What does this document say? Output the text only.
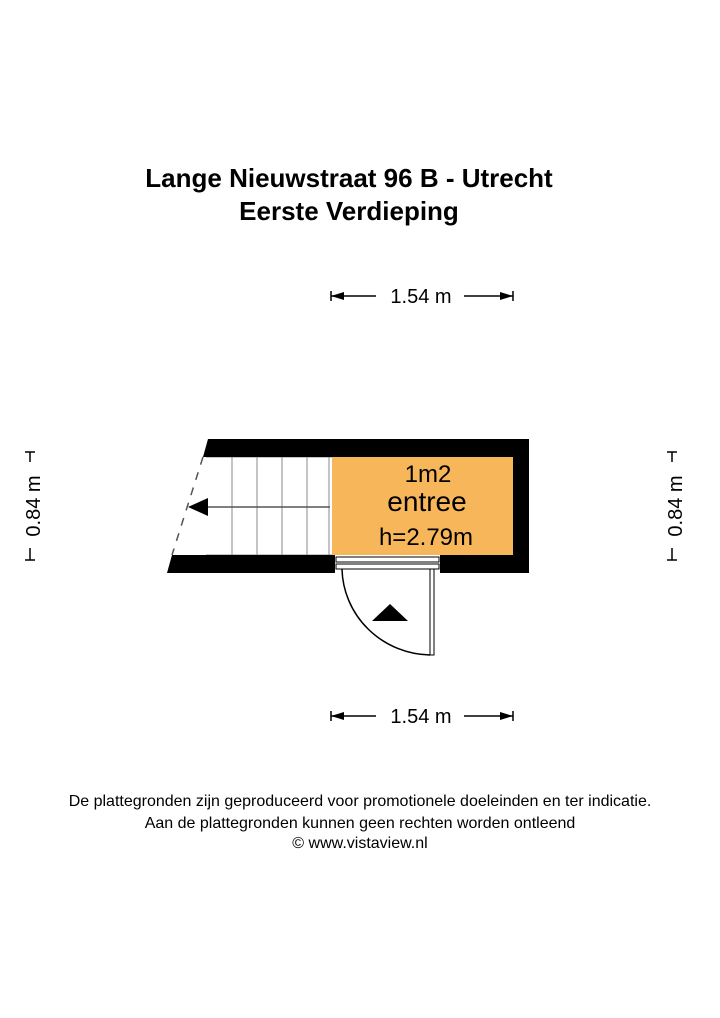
Lange Nieuwstraat 96 B - Utrecht
Eerste Verdieping
1.54 m
1.54 m
0.84 m	0.84 m
1m2
entree
h=2.79m
De plattegronden zijn geproduceerd voor promotionele doeleinden en ter indicatie.
Aan de plattegronden kunnen geen rechten worden ontleend
© www.vistaview.nl
